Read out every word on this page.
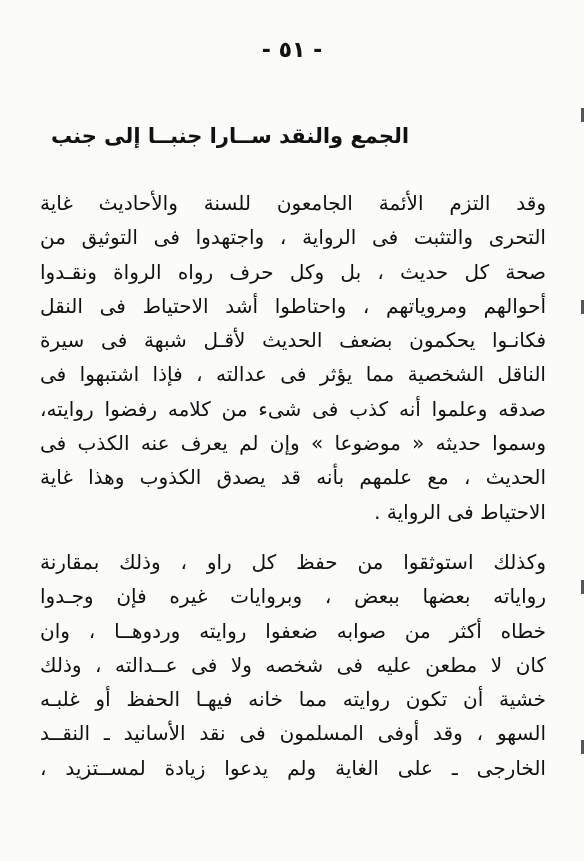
- ٥١ -
الجمع والنقد ســارا جنبــا إلى جنب
وقد التزم الأئمة الجامعون للسنة والأحاديث غاية
التحرى والتثبت فى الرواية ، واجتهدوا فى التوثيق من
صحة كل حديث ، بل وكل حرف رواه الرواة ونقـدوا
أحوالهم ومروياتهم ، واحتاطوا أشد الاحتياط فى النقل
فكانـوا يحكمون بضعف الحديث لأقـل شبهة فى سيرة
الناقل الشخصية مما يؤثر فى عدالته ، فإذا اشتبهوا فى
صدقه وعلموا أنه كذب فى شىء من كلامه رفضوا روايته،
وسموا حديثه « موضوعا » وإن لم يعرف عنه الكذب فى
الحديث ، مع علمهم بأنه قد يصدق الكذوب وهذا غاية
الاحتياط فى الرواية .
وكذلك استوثقوا من حفظ كل راو ، وذلك بمقارنة
رواياته بعضها ببعض ، وبروايات غيره فإن وجـدوا
خطاه أكثر من صوابه ضعفوا روايته وردوهــا ، وان
كان لا مطعن عليه فى شخصه ولا فى عــدالته ، وذلك
خشية أن تكون روايته مما خانه فيهـا الحفظ أو غلبـه
السهو ، وقد أوفى المسلمون فى نقد الأسانيد ـ النقــد
الخارجى ـ على الغاية ولم يدعوا زيادة لمســتزيد ،
